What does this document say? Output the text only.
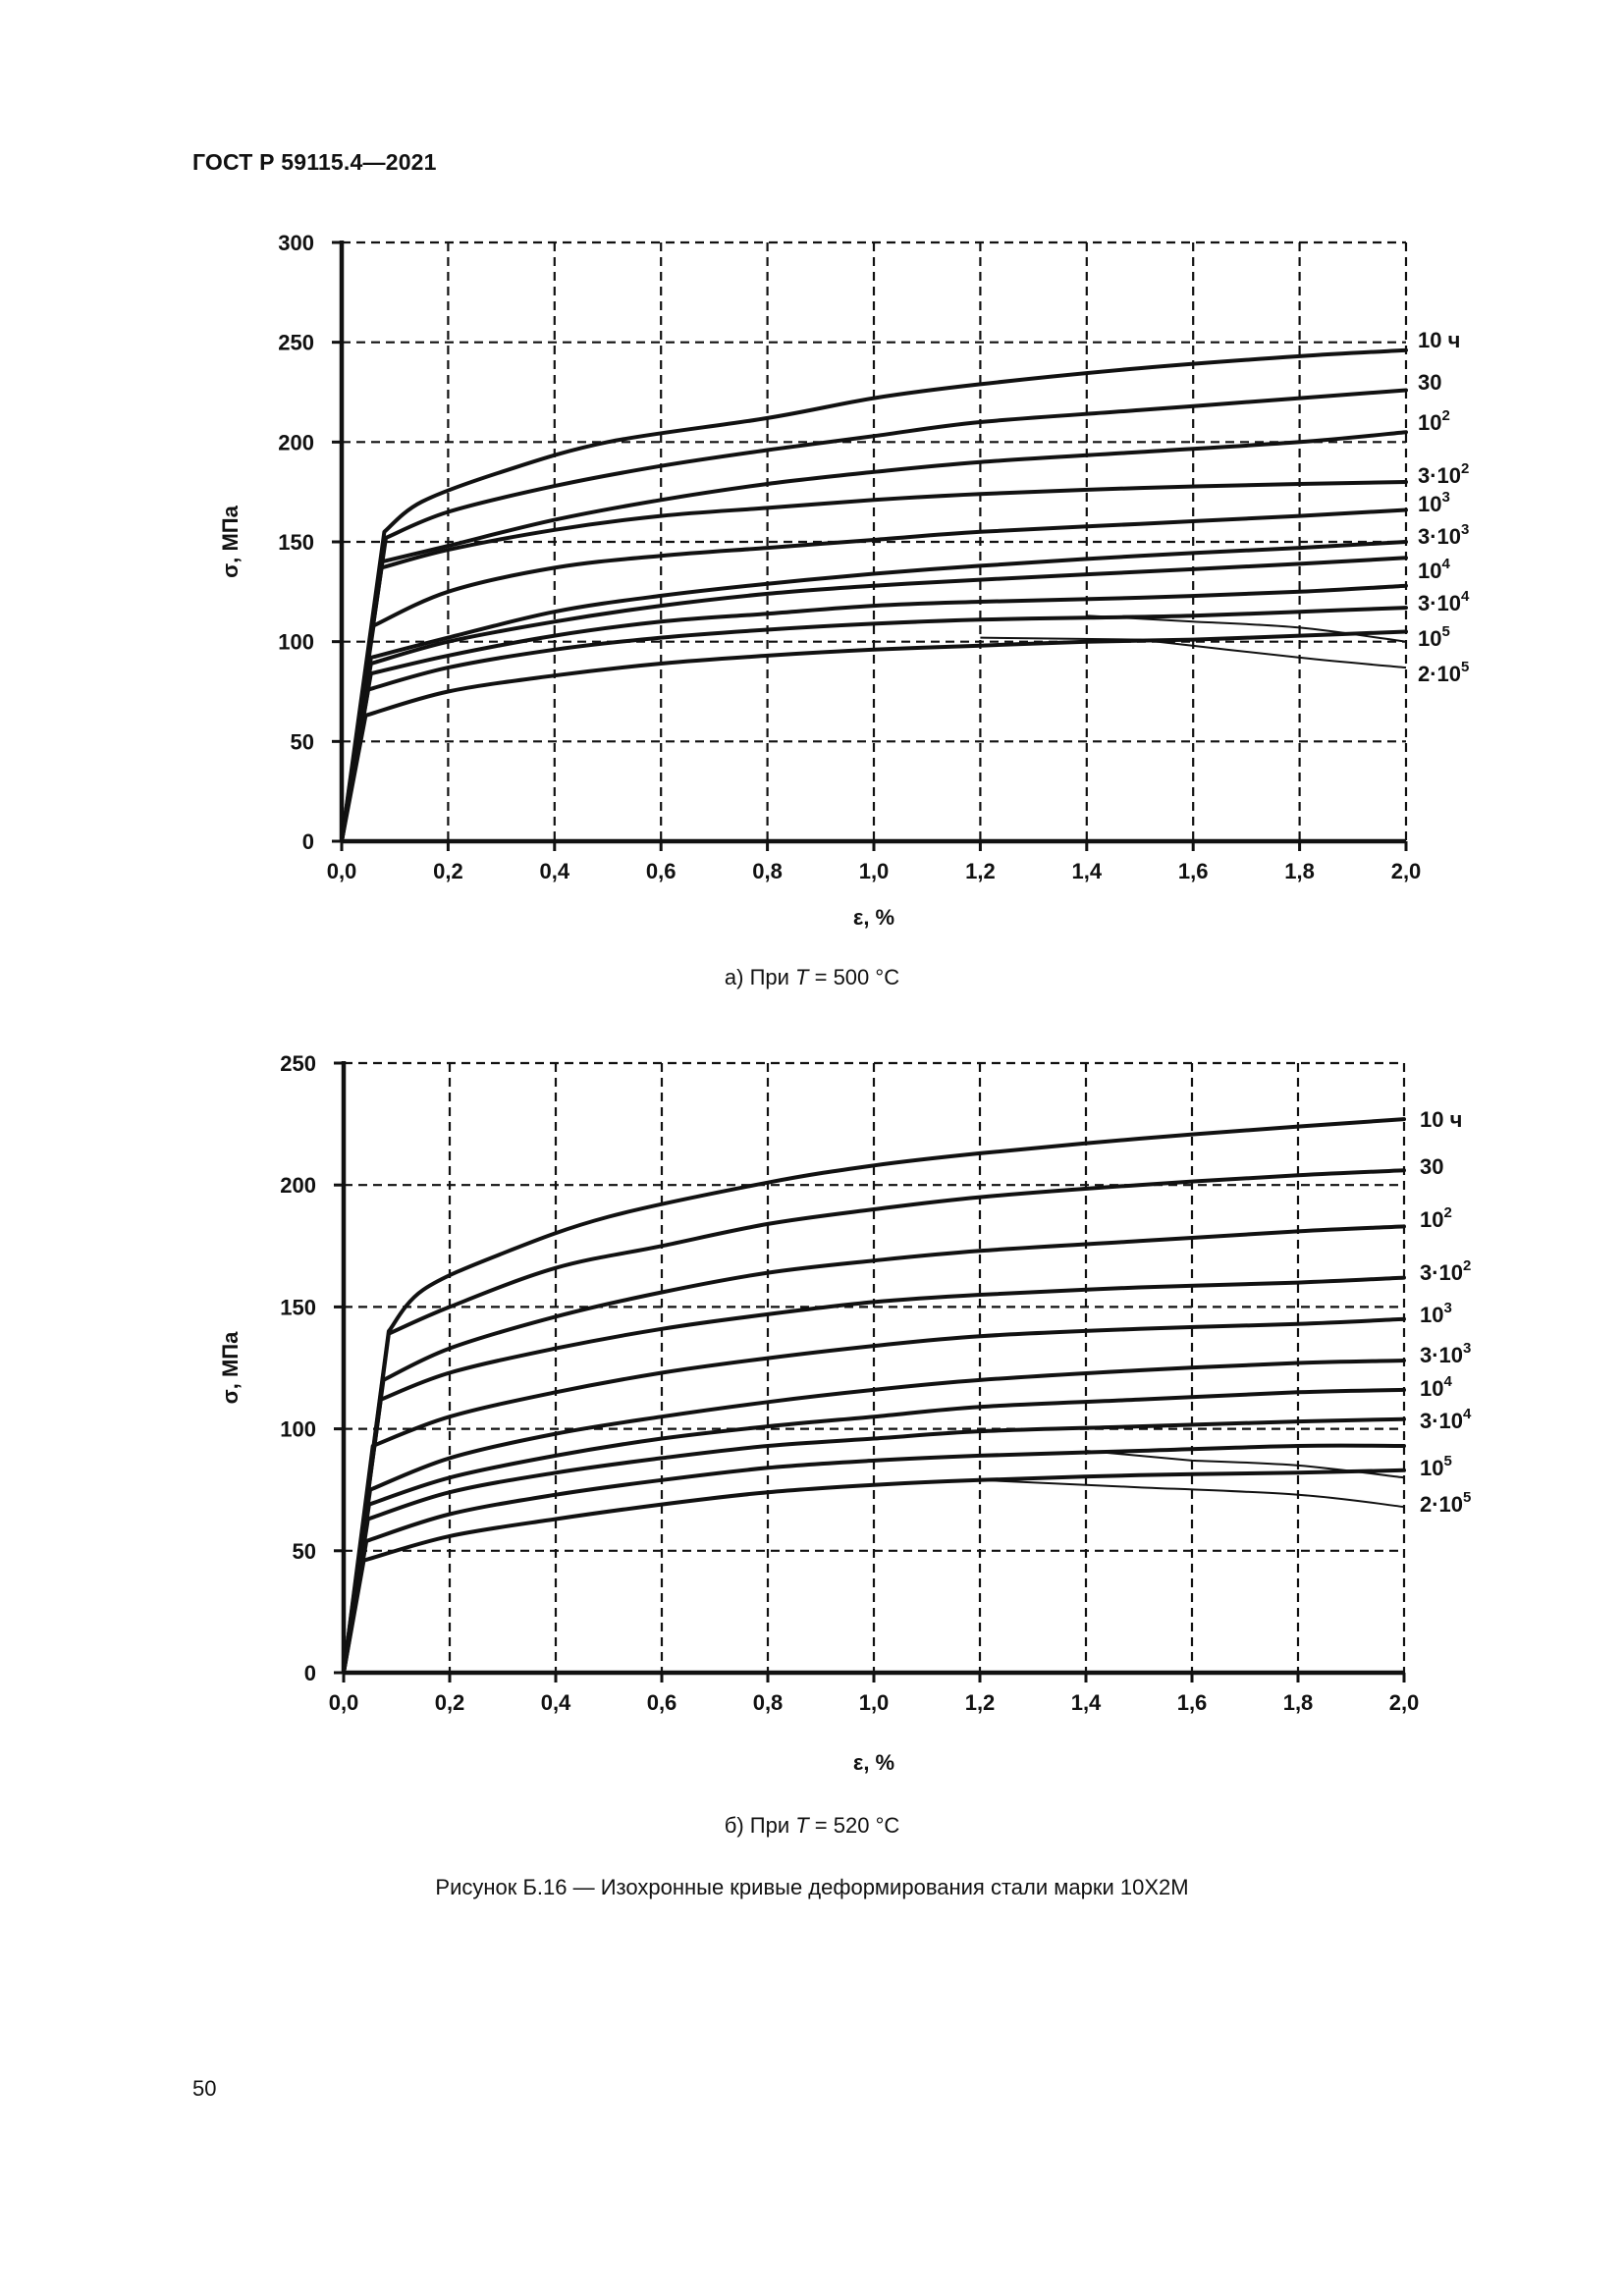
ГОСТ Р 59115.4—2021
0
50
100
150
200
250
300
0,0	0,2	0,4	0,6	0,8	1,0	1,2	1,4	1,6	1,8	2,0
σ, МПа
ε, %
10 ч
30
$10^2$
$3\cdot 10^2$
$10^3$
$3\cdot 10^3$
$10^4$
$3\cdot 10^4$
$10^5$
$2\cdot 10^5$
а) При T = 500 °С
0
50
100
150
200
250
0,0	0,2	0,4	0,6	0,8	1,0	1,2	1,4	1,6	1,8	2,0
σ, МПа
ε, %
10 ч
30
$10^2$
$3\cdot 10^2$
$10^3$
$3\cdot 10^3$
$10^4$
$3\cdot 10^4$
$10^5$
$2\cdot 10^5$
б) При T = 520 °С
Рисунок Б.16 — Изохронные кривые деформирования стали марки 10Х2М
50
